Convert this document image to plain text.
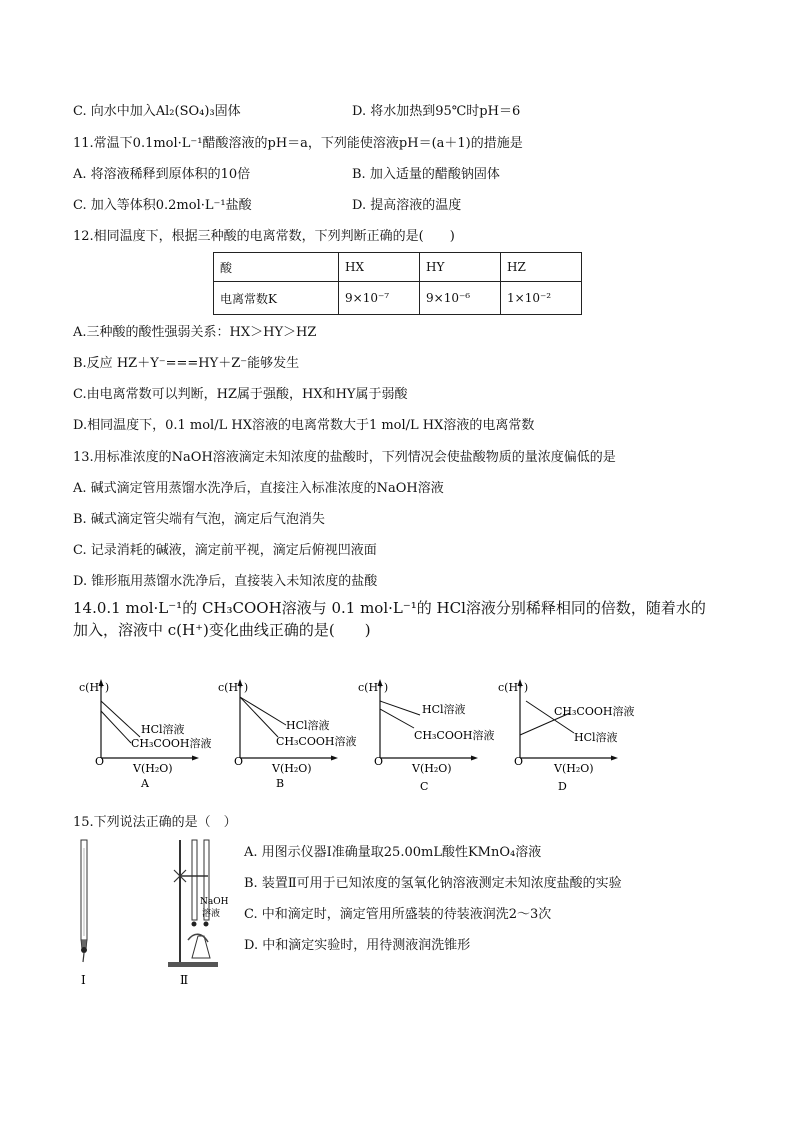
C. 向水中加入Al₂(SO₄)₃固体	D. 将水加热到95℃时pH＝6
11.常温下0.1mol·L⁻¹醋酸溶液的pH＝a，下列能使溶液pH＝(a＋1)的措施是
A. 将溶液稀释到原体积的10倍	B. 加入适量的醋酸钠固体
C. 加入等体积0.2mol·L⁻¹盐酸	D. 提高溶液的温度
12.相同温度下，根据三种酸的电离常数，下列判断正确的是(　　)
酸	HX	HY	HZ
电离常数K	9×10⁻⁷	9×10⁻⁶	1×10⁻²
A.三种酸的酸性强弱关系：HX＞HY＞HZ
B.反应 HZ＋Y⁻===HY＋Z⁻能够发生
C.由电离常数可以判断，HZ属于强酸，HX和HY属于弱酸
D.相同温度下，0.1 mol/L HX溶液的电离常数大于1 mol/L HX溶液的电离常数
13.用标准浓度的NaOH溶液滴定未知浓度的盐酸时，下列情况会使盐酸物质的量浓度偏低的是
A. 碱式滴定管用蒸馏水洗净后，直接注入标准浓度的NaOH溶液
B. 碱式滴定管尖端有气泡，滴定后气泡消失
C. 记录消耗的碱液，滴定前平视，滴定后俯视凹液面
D. 锥形瓶用蒸馏水洗净后，直接装入未知浓度的盐酸
14.0.1 mol·L⁻¹的 CH₃COOH溶液与 0.1 mol·L⁻¹的 HCl溶液分别稀释相同的倍数，随着水的
加入，溶液中 c(H⁺)变化曲线正确的是(　　)
c(H⁺)
O
V(H₂O)
HCl溶液
CH₃COOH溶液
A
c(H⁺)
O
V(H₂O)
HCl溶液
CH₃COOH溶液
B
c(H⁺)
O
V(H₂O)
HCl溶液
CH₃COOH溶液
C
c(H⁺)
O
V(H₂O)
CH₃COOH溶液
HCl溶液
D
15.下列说法正确的是（　）
Ⅰ
NaOH
溶液
Ⅱ
A. 用图示仪器Ⅰ准确量取25.00mL酸性KMnO₄溶液
B. 装置Ⅱ可用于已知浓度的氢氧化钠溶液测定未知浓度盐酸的实验
C. 中和滴定时，滴定管用所盛装的待装液润洗2～3次
D. 中和滴定实验时，用待测液润洗锥形
